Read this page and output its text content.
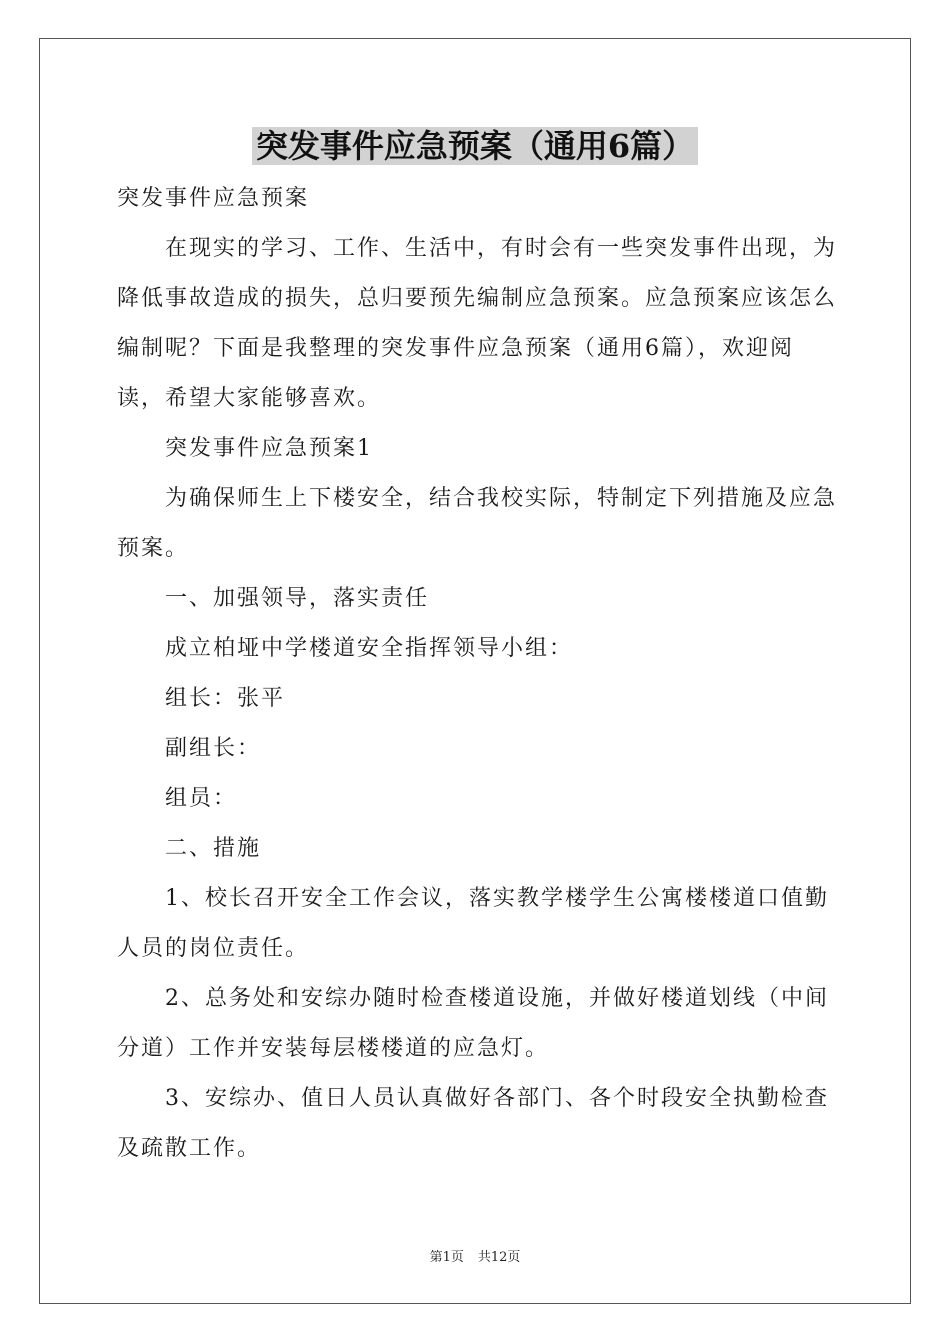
突发事件应急预案（通用6篇）

突发事件应急预案

在现实的学习、工作、生活中，有时会有一些突发事件出现，为降低事故造成的损失，总归要预先编制应急预案。应急预案应该怎么编制呢？下面是我整理的突发事件应急预案（通用6篇），欢迎阅读，希望大家能够喜欢。

突发事件应急预案1

为确保师生上下楼安全，结合我校实际，特制定下列措施及应急预案。

一、加强领导，落实责任

成立柏垭中学楼道安全指挥领导小组：

组长：张平

副组长：

组员：

二、措施

1、校长召开安全工作会议，落实教学楼学生公寓楼楼道口值勤人员的岗位责任。

2、总务处和安综办随时检查楼道设施，并做好楼道划线（中间分道）工作并安装每层楼楼道的应急灯。

3、安综办、值日人员认真做好各部门、各个时段安全执勤检查及疏散工作。

第1页 共12页
